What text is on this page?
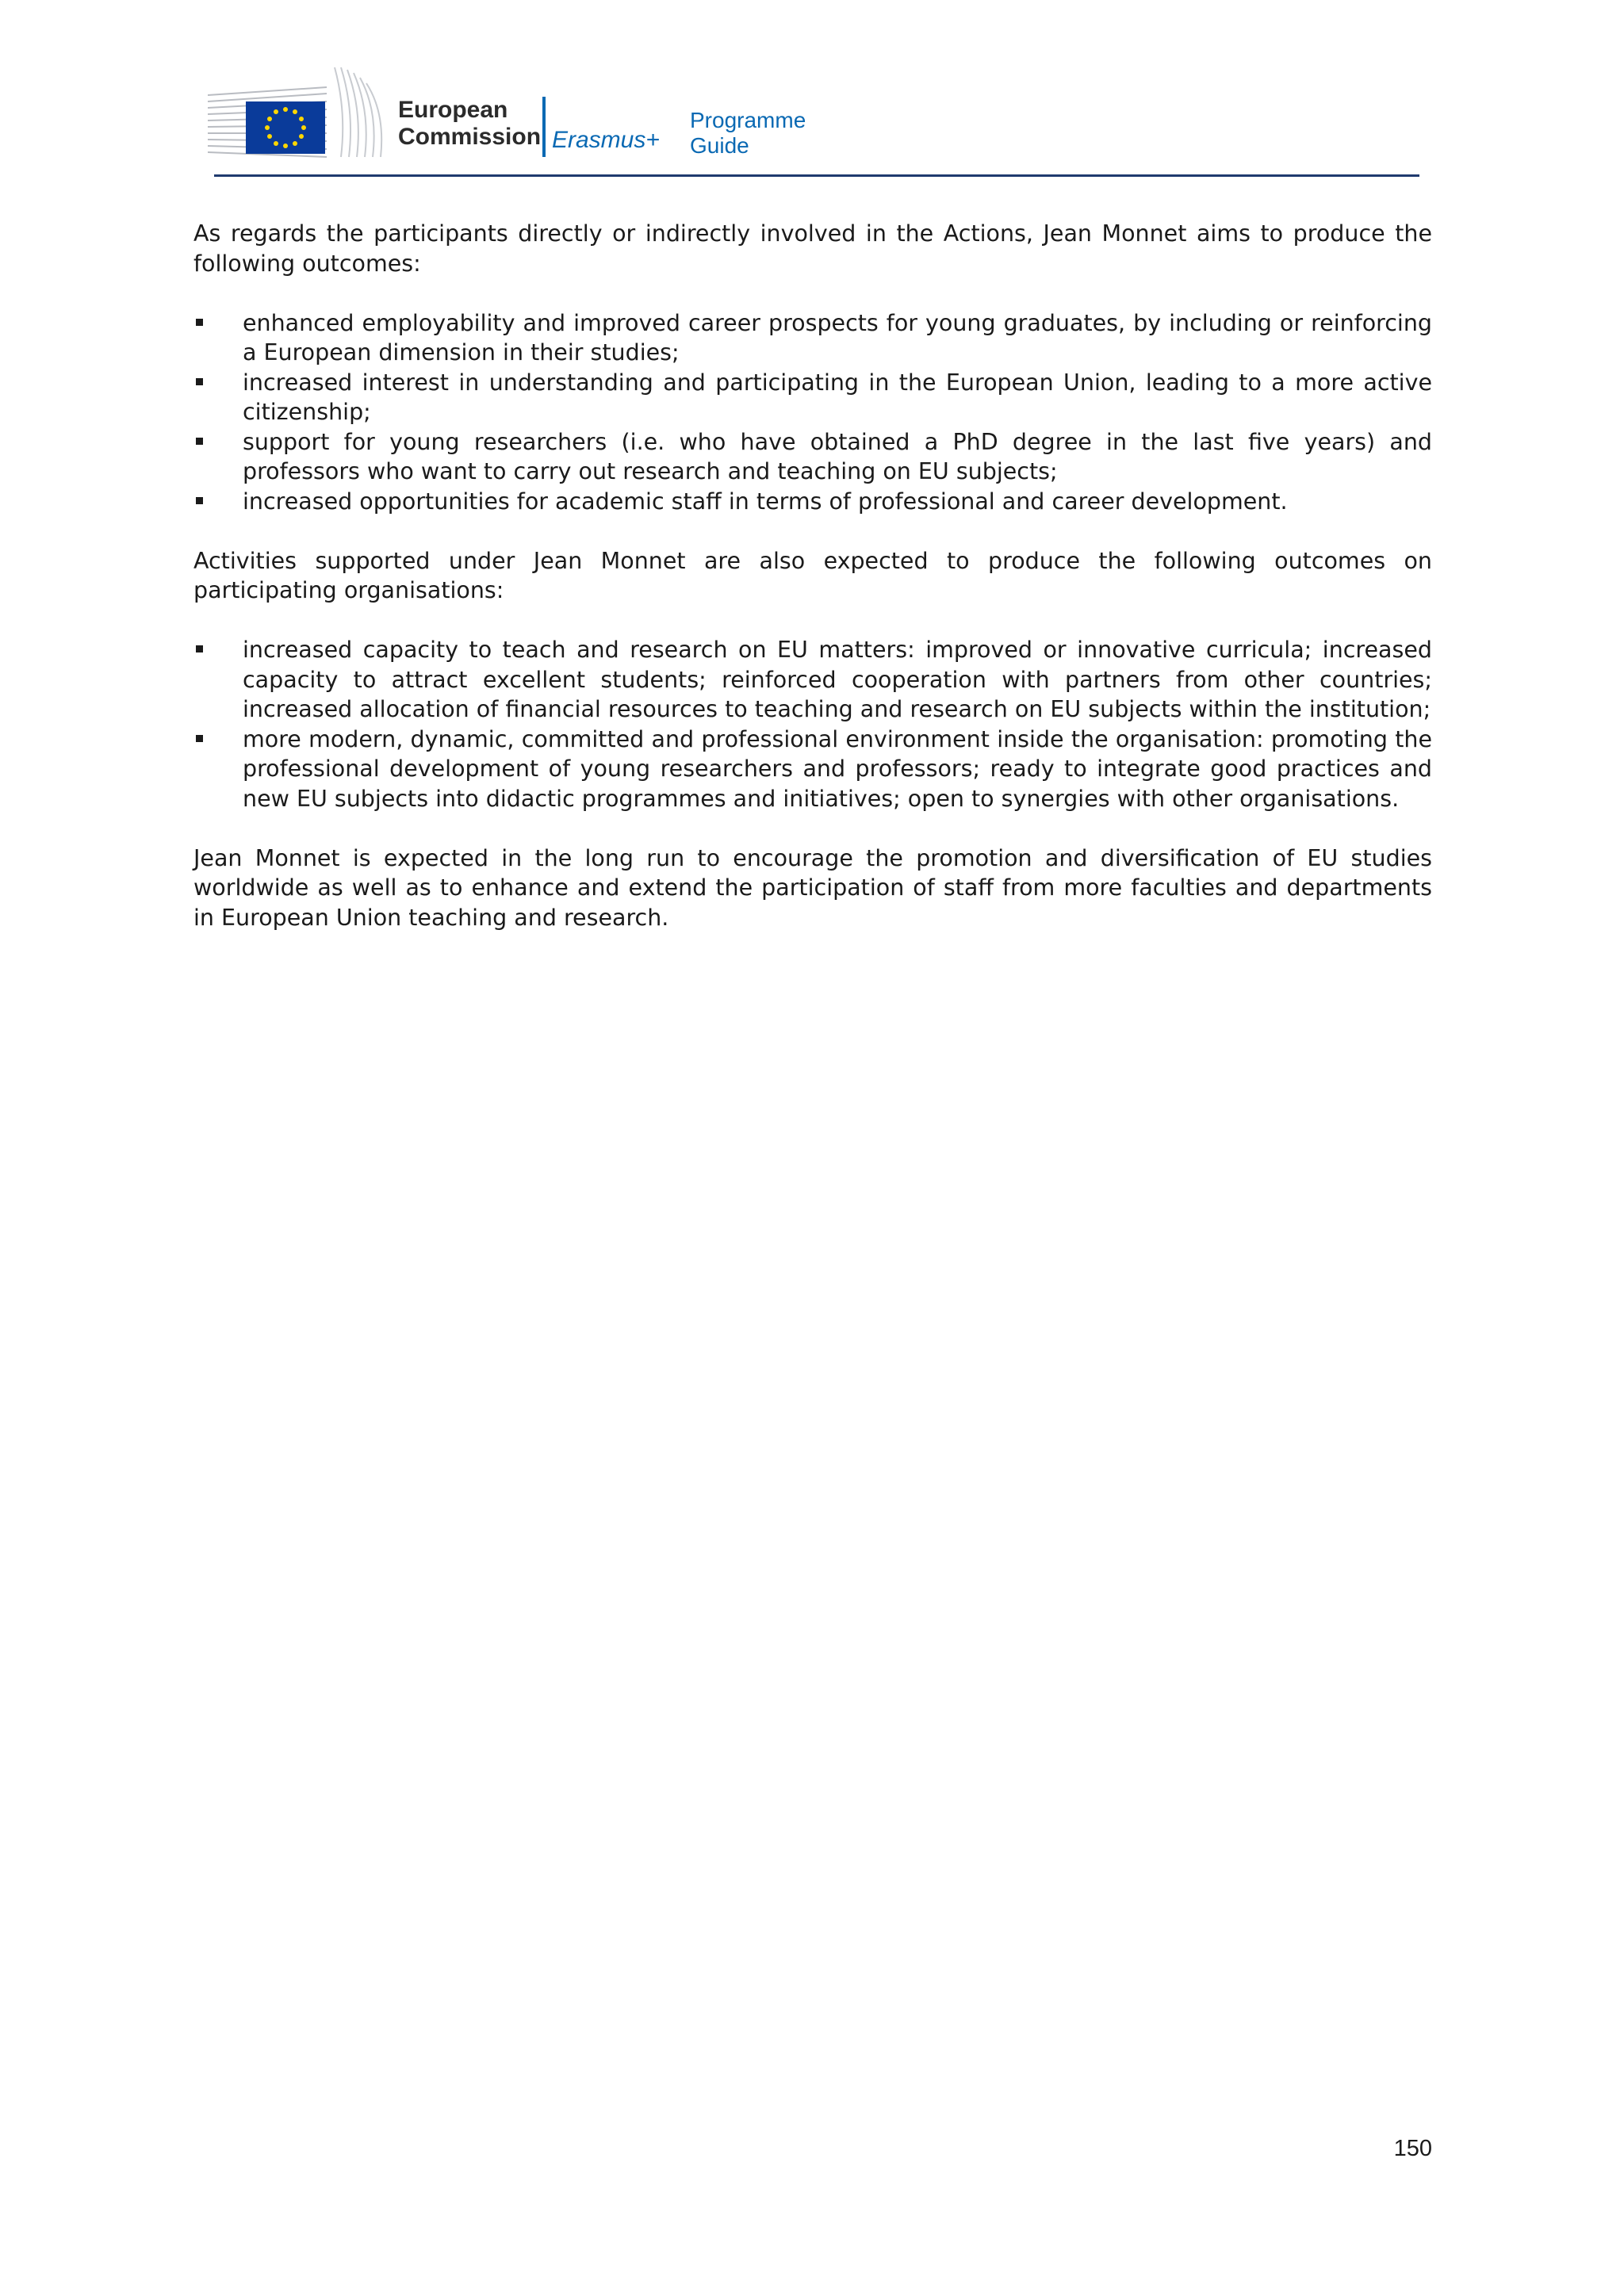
European
Commission Erasmus+
Programme
Guide

As regards the participants directly or indirectly involved in the Actions, Jean Monnet aims to produce the following outcomes:

enhanced employability and improved career prospects for young graduates, by including or reinforcing a European dimension in their studies;
increased interest in understanding and participating in the European Union, leading to a more active citizenship;
support for young researchers (i.e. who have obtained a PhD degree in the last five years) and professors who want to carry out research and teaching on EU subjects;
increased opportunities for academic staff in terms of professional and career development.

Activities supported under Jean Monnet are also expected to produce the following outcomes on participating organisations:

increased capacity to teach and research on EU matters: improved or innovative curricula; increased capacity to attract excellent students; reinforced cooperation with partners from other countries; increased allocation of financial resources to teaching and research on EU subjects within the institution;
more modern, dynamic, committed and professional environment inside the organisation: promoting the professional development of young researchers and professors; ready to integrate good practices and new EU subjects into didactic programmes and initiatives; open to synergies with other organisations.

Jean Monnet is expected in the long run to encourage the promotion and diversification of EU studies worldwide as well as to enhance and extend the participation of staff from more faculties and departments in European Union teaching and research.

150
